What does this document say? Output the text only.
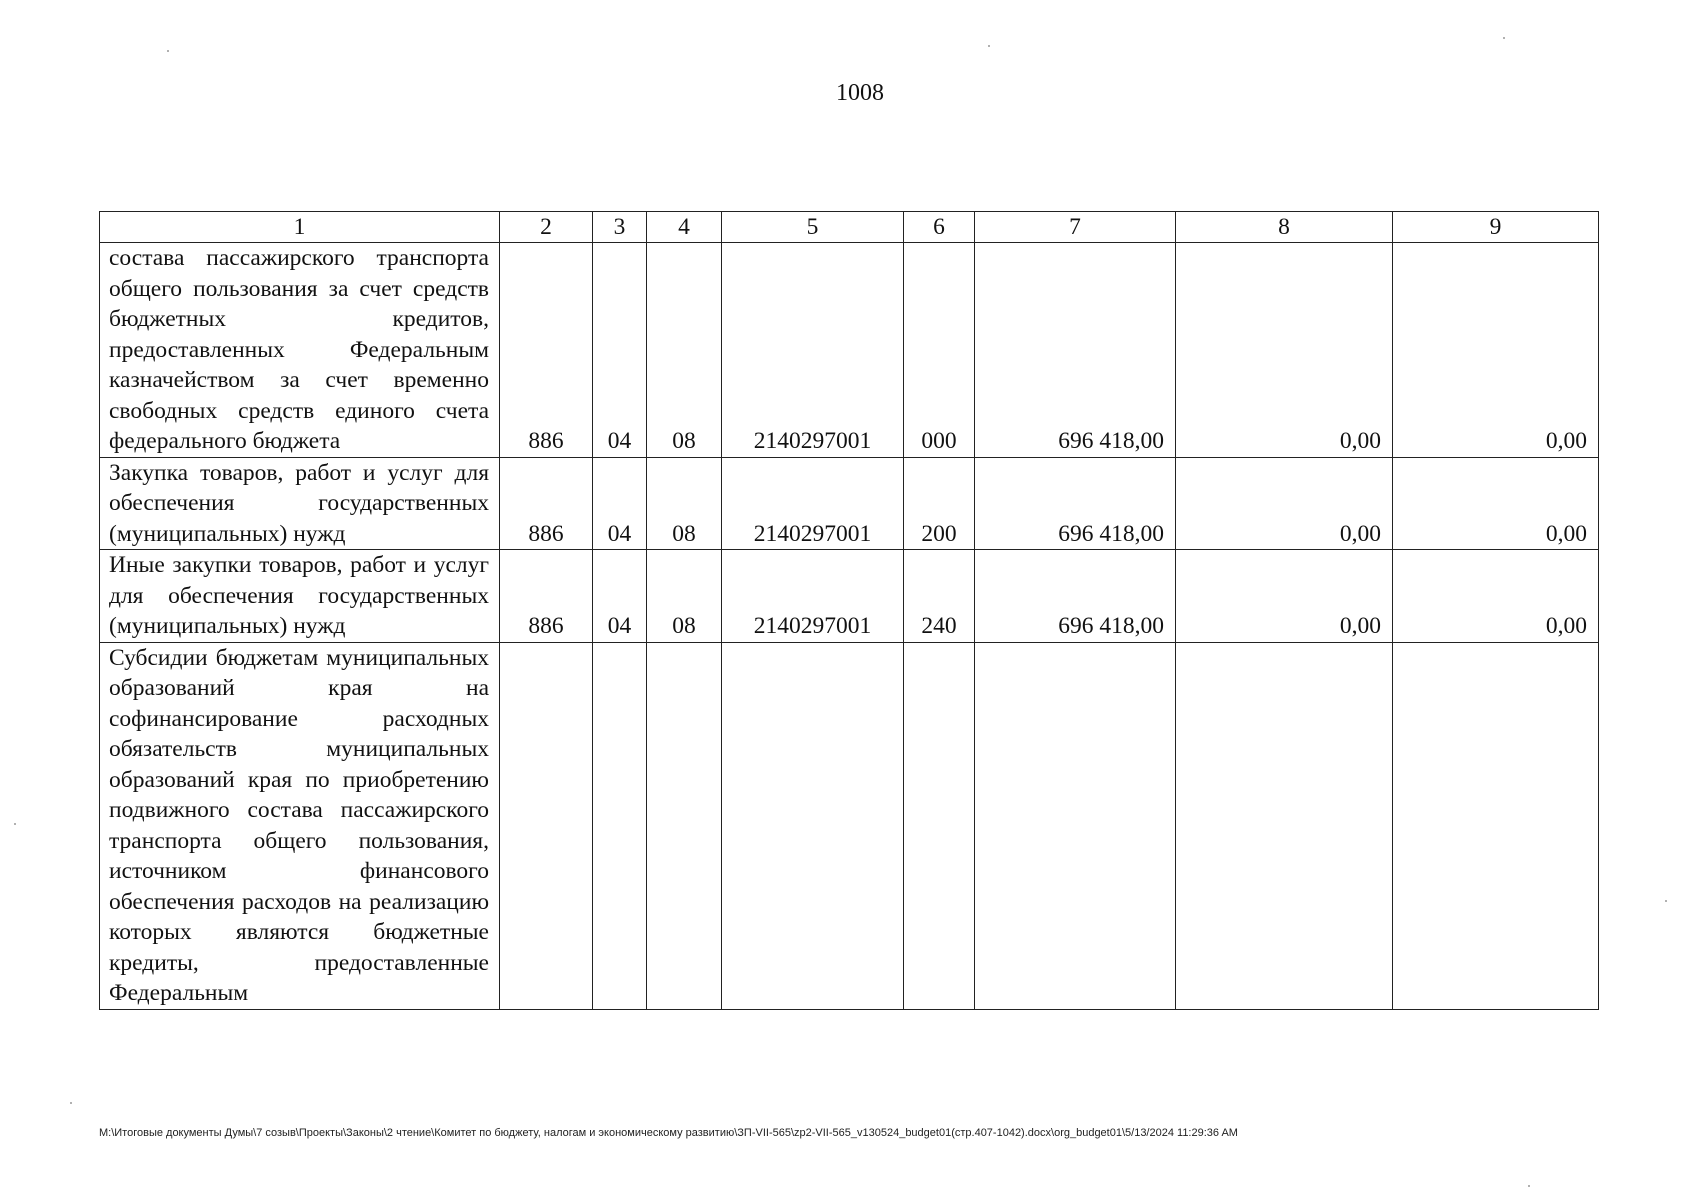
1008
1	2	3	4	5	6	7	8	9
состава пассажирского транспорта общего пользования за счет средств бюджетных кредитов, предоставленных Федеральным казначейством за счет временно свободных средств единого счета федерального бюджета	886	04	08	2140297001	000	696 418,00	0,00	0,00
Закупка товаров, работ и услуг для обеспечения государственных (муниципальных) нужд	886	04	08	2140297001	200	696 418,00	0,00	0,00
Иные закупки товаров, работ и услуг для обеспечения государственных (муниципальных) нужд	886	04	08	2140297001	240	696 418,00	0,00	0,00
Субсидии бюджетам муниципальных образований края на софинансирование расходных обязательств муниципальных образований края по приобретению подвижного состава пассажирского транспорта общего пользования, источником финансового обеспечения расходов на реализацию которых являются бюджетные кредиты, предоставленные Федеральным								
M:\Итоговые документы Думы\7 созыв\Проекты\Законы\2 чтение\Комитет по бюджету, налогам и экономическому развитию\ЗП-VII-565\zp2-VII-565_v130524_budget01(стр.407-1042).docx\org_budget01\5/13/2024 11:29:36 AM
